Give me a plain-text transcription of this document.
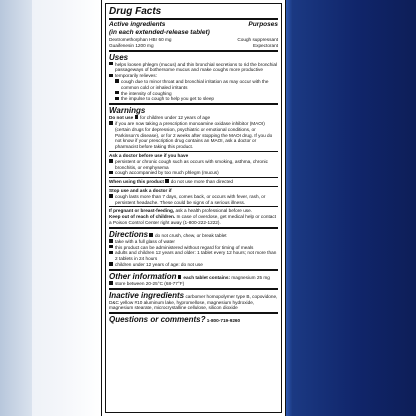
Drug Facts
Active ingredients	Purposes
(in each extended-release tablet)
Dextromethorphan HBr 60 mg	Cough suppressant
Guaifenesin 1200 mg	Expectorant
Uses
helps loosen phlegm (mucus) and thin bronchial secretions to rid the bronchial passageways of bothersome mucus and make coughs more productive
temporarily relieves:
cough due to minor throat and bronchial irritation as may occur with the common cold or inhaled irritants
the intensity of coughing
the impulse to cough to help you get to sleep
Warnings
Do not use for children under 12 years of age
if you are now taking a prescription monoamine oxidase inhibitor (MAOI) (certain drugs for depression, psychiatric or emotional conditions, or Parkinson's disease), or for 2 weeks after stopping the MAOI drug. If you do not know if your prescription drug contains an MAOI, ask a doctor or pharmacist before taking this product.
Ask a doctor before use if you have
persistent or chronic cough such as occurs with smoking, asthma, chronic bronchitis, or emphysema
cough accompanied by too much phlegm (mucus)
When using this product do not use more than directed
Stop use and ask a doctor if
cough lasts more than 7 days, comes back, or occurs with fever, rash, or persistent headache. These could be signs of a serious illness.
If pregnant or breast-feeding, ask a health professional before use.
Keep out of reach of children. In case of overdose, get medical help or contact a Poison Control Center right away (1-800-222-1222).
Directions do not crush, chew, or break tablet
take with a full glass of water
this product can be administered without regard for timing of meals
adults and children 12 years and older: 1 tablet every 12 hours; not more than 2 tablets in 24 hours
children under 12 years of age: do not use
Other information each tablet contains: magnesium 25 mg
store between 20-25°C (68-77°F)
Inactive ingredients carbomer homopolymer type B, copovidone, D&C yellow #10 aluminum lake, hypromellose, magnesium hydroxide, magnesium stearate, microcrystalline cellulose, silicon dioxide
Questions or comments? 1-800-719-9260
